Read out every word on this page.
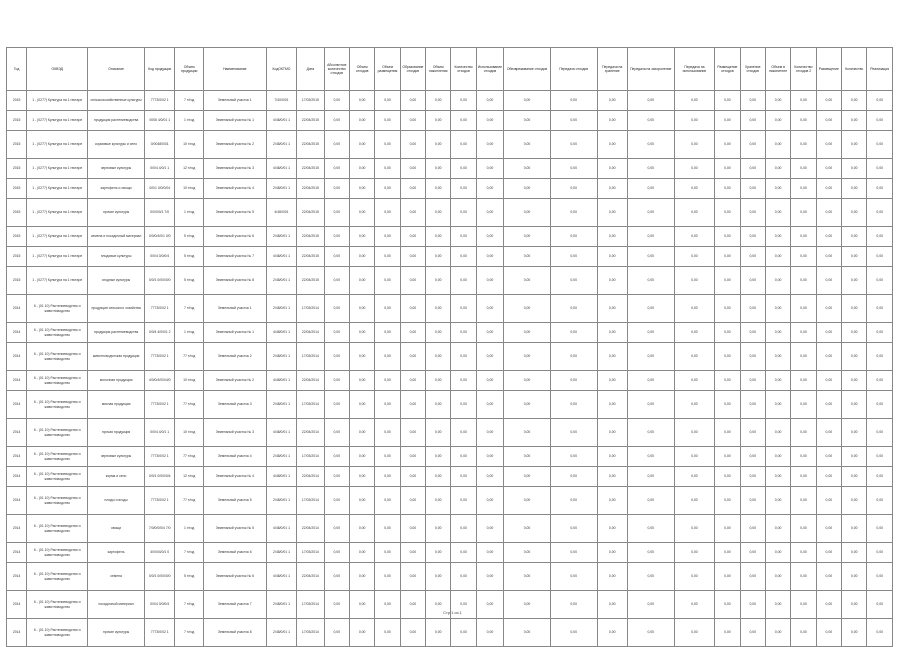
Год	ОКВЭД	Описание	Код продукции	Объем продукции	Наименование	КодОКТМО	Дата	Абсолютное количество отходов	Объем отходов	Объем размещения	Образование отходов	Объем накопления	Количество отходов	Использование отходов	Обезвреживание отходов	Передача отходов	Передача на хранение	Передача на захоронение	Передача на использование	Размещение отходов	Хранение отходов	Объем в накопителе	Количество отходов 2	Размещение	Количество	Реализация
2015	1 - (0277) Культура на 1 гектаре	сельскохозяйственные культуры	7773/0/02 1	7 т/год	Земельный участок 1	7/40/0/01	17/03/2015	0,00	0,00	0,00	0,00	0,00	0,00	0,00	0,00	0,00	0,00	0,00	0,00	0,00	0,00	0,00	0,00	0,00	0,00	0,00
2015	1 - (0277) Культура на 1 гектаре	продукция растениеводства	0006 4/0/01 1	1 т/год	Земельный участок № 1	4/48/0/01 1	22/04/2015	0,00	0,00	0,00	0,00	0,00	0,00	0,00	0,00	0,00	0,00	0,00	0,00	0,00	0,00	0,00	0,00	0,00	0,00	0,00
2015	1 - (0277) Культура на 1 гектаре	кормовые культуры и сено	0/0048/0/01	10 т/год	Земельный участок № 2	2/48/0/01 1	22/04/2015	0,00	0,00	0,00	0,00	0,00	0,00	0,00	0,00	0,00	0,00	0,00	0,00	0,00	0,00	0,00	0,00	0,00	0,00	0,00
2015	1 - (0277) Культура на 1 гектаре	зерновые культуры	0/0/4 4/0/1 1	12 т/год	Земельный участок № 3	4/48/0/01 1	22/04/2015	0,00	0,00	0,00	0,00	0,00	0,00	0,00	0,00	0,00	0,00	0,00	0,00	0,00	0,00	0,00	0,00	0,00	0,00	0,00
2015	1 - (0277) Культура на 1 гектаре	картофель и овощи	0/0/1 0/0/0/04	10 т/год	Земельный участок № 4	2/48/0/01 1	22/04/2015	0,00	0,00	0,00	0,00	0,00	0,00	0,00	0,00	0,00	0,00	0,00	0,00	0,00	0,00	0,00	0,00	0,00	0,00	0,00
2015	1 - (0277) Культура на 1 гектаре	прочие культуры	0/0/0/0/1 7/0	1 т/год	Земельный участок № 5	4/48/0/01	22/04/2015	0,00	0,00	0,00	0,00	0,00	0,00	0,00	0,00	0,00	0,00	0,00	0,00	0,00	0,00	0,00	0,00	0,00	0,00	0,00
2015	1 - (0277) Культура на 1 гектаре	семена и посадочный материал	0/0/0/4/0/1 0/0	5 т/год	Земельный участок № 6	2/48/0/01 1	22/04/2015	0,00	0,00	0,00	0,00	0,00	0,00	0,00	0,00	0,00	0,00	0,00	0,00	0,00	0,00	0,00	0,00	0,00	0,00	0,00
2015	1 - (0277) Культура на 1 гектаре	плодовые культуры	0/0/4 0/0/0/4	5 т/год	Земельный участок № 7	4/48/0/01 1	22/04/2015	0,00	0,00	0,00	0,00	0,00	0,00	0,00	0,00	0,00	0,00	0,00	0,00	0,00	0,00	0,00	0,00	0,00	0,00	0,00
2015	1 - (0277) Культура на 1 гектаре	ягодные культуры	0/0/1 0/0/0/0/0	5 т/год	Земельный участок № 8	2/48/0/01 1	22/04/2015	0,00	0,00	0,00	0,00	0,00	0,00	0,00	0,00	0,00	0,00	0,00	0,00	0,00	0,00	0,00	0,00	0,00	0,00	0,00
2014	6 - (01 10) Растениеводство и животноводство	продукция сельского хозяйства	7773/0/02 1	7 т/год	Земельный участок 1	2/48/0/01 1	17/03/2014	0,00	0,00	0,00	0,00	0,00	0,00	0,00	0,00	0,00	0,00	0,00	0,00	0,00	0,00	0,00	0,00	0,00	0,00	0,00
2014	6 - (01 10) Растениеводство и животноводство	продукция растениеводства	0/0/4 4/0/0/1 2	1 т/год	Земельный участок № 1	4/48/0/01 1	22/04/2014	0,00	0,00	0,00	0,00	0,00	0,00	0,00	0,00	0,00	0,00	0,00	0,00	0,00	0,00	0,00	0,00	0,00	0,00	0,00
2014	6 - (01 10) Растениеводство и животноводство	животноводческая продукция	7773/0/02 1	77 т/год	Земельный участок 2	2/48/0/01 1	17/03/2014	0,00	0,00	0,00	0,00	0,00	0,00	0,00	0,00	0,00	0,00	0,00	0,00	0,00	0,00	0,00	0,00	0,00	0,00	0,00
2014	6 - (01 10) Растениеводство и животноводство	молочная продукция	4/0/0/4/0/0/4/0	10 т/год	Земельный участок № 2	4/48/0/01 1	22/04/2014	0,00	0,00	0,00	0,00	0,00	0,00	0,00	0,00	0,00	0,00	0,00	0,00	0,00	0,00	0,00	0,00	0,00	0,00	0,00
2014	6 - (01 10) Растениеводство и животноводство	мясная продукция	7773/0/02 1	77 т/год	Земельный участок 3	2/48/0/01 1	17/03/2014	0,00	0,00	0,00	0,00	0,00	0,00	0,00	0,00	0,00	0,00	0,00	0,00	0,00	0,00	0,00	0,00	0,00	0,00	0,00
2014	6 - (01 10) Растениеводство и животноводство	прочая продукция	0/0/4 4/0/1 1	10 т/год	Земельный участок № 3	4/48/0/01 1	22/04/2014	0,00	0,00	0,00	0,00	0,00	0,00	0,00	0,00	0,00	0,00	0,00	0,00	0,00	0,00	0,00	0,00	0,00	0,00	0,00
2014	6 - (01 10) Растениеводство и животноводство	зерновые культуры	7773/0/02 1	77 т/год	Земельный участок 4	2/48/0/01 1	17/03/2014	0,00	0,00	0,00	0,00	0,00	0,00	0,00	0,00	0,00	0,00	0,00	0,00	0,00	0,00	0,00	0,00	0,00	0,00	0,00
2014	6 - (01 10) Растениеводство и животноводство	корма и сено	0/0/1 0/0/0/0/4	12 т/год	Земельный участок № 4	4/48/0/01 1	22/04/2014	0,00	0,00	0,00	0,00	0,00	0,00	0,00	0,00	0,00	0,00	0,00	0,00	0,00	0,00	0,00	0,00	0,00	0,00	0,00
2014	6 - (01 10) Растениеводство и животноводство	плоды и ягоды	7773/0/02 1	77 т/год	Земельный участок 5	2/48/0/01 1	17/03/2014	0,00	0,00	0,00	0,00	0,00	0,00	0,00	0,00	0,00	0,00	0,00	0,00	0,00	0,00	0,00	0,00	0,00	0,00	0,00
2014	6 - (01 10) Растениеводство и животноводство	овощи	7/0/0/0/0/4 7/0	1 т/год	Земельный участок № 5	4/48/0/01 1	22/04/2014	0,00	0,00	0,00	0,00	0,00	0,00	0,00	0,00	0,00	0,00	0,00	0,00	0,00	0,00	0,00	0,00	0,00	0,00	0,00
2014	6 - (01 10) Растениеводство и животноводство	картофель	4/0/0/4/0/1 0	7 т/год	Земельный участок 6	2/48/0/01 1	17/03/2014	0,00	0,00	0,00	0,00	0,00	0,00	0,00	0,00	0,00	0,00	0,00	0,00	0,00	0,00	0,00	0,00	0,00	0,00	0,00
2014	6 - (01 10) Растениеводство и животноводство	семена	0/0/1 0/0/0/0/0	5 т/год	Земельный участок № 6	4/48/0/01 1	22/04/2014	0,00	0,00	0,00	0,00	0,00	0,00	0,00	0,00	0,00	0,00	0,00	0,00	0,00	0,00	0,00	0,00	0,00	0,00	0,00
2014	6 - (01 10) Растениеводство и животноводство	посадочный материал	0/0/4 0/0/0/4	7 т/год	Земельный участок 7	2/48/0/01 1	17/03/2014	0,00	0,00	0,00	0,00	0,00	0,00	0,00	0,00	0,00	0,00	0,00	0,00	0,00	0,00	0,00	0,00	0,00	0,00	0,00
2014	6 - (01 10) Растениеводство и животноводство	прочие культуры	7773/0/02 1	7 т/год	Земельный участок 8	2/48/0/01 1	17/03/2014	0,00	0,00	0,00	0,00	0,00	0,00	0,00	0,00	0,00	0,00	0,00	0,00	0,00	0,00	0,00	0,00	0,00	0,00	0,00
Стр 1 из 1
